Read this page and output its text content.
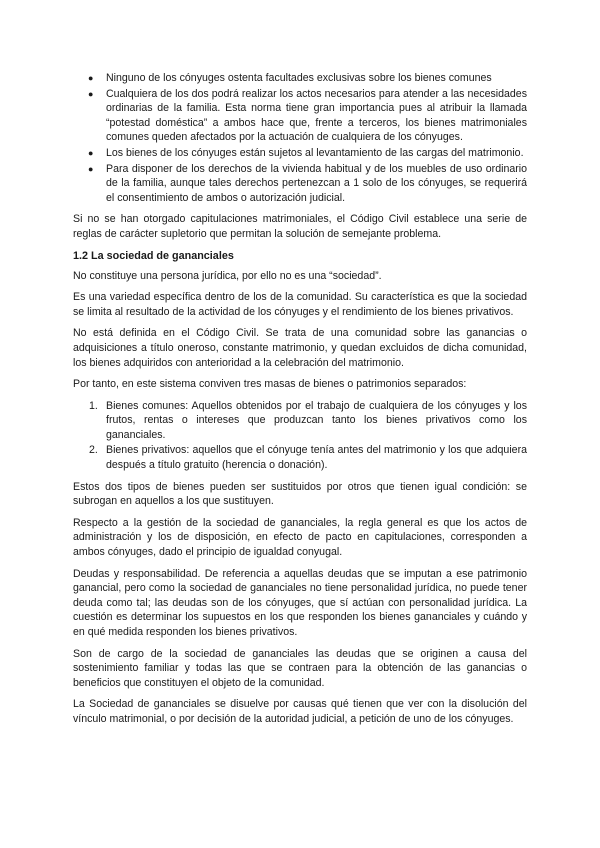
● Ninguno de los cónyuges ostenta facultades exclusivas sobre los bienes comunes
● Cualquiera de los dos podrá realizar los actos necesarios para atender a las necesidades ordinarias de la familia. Esta norma tiene gran importancia pues al atribuir la llamada “potestad doméstica” a ambos hace que, frente a terceros, los bienes matrimoniales comunes queden afectados por la actuación de cualquiera de los cónyuges.
● Los bienes de los cónyuges están sujetos al levantamiento de las cargas del matrimonio.
● Para disponer de los derechos de la vivienda habitual y de los muebles de uso ordinario de la familia, aunque tales derechos pertenezcan a 1 solo de los cónyuges, se requerirá el consentimiento de ambos o autorización judicial.

Si no se han otorgado capitulaciones matrimoniales, el Código Civil establece una serie de reglas de carácter supletorio que permitan la solución de semejante problema.

1.2 La sociedad de gananciales

No constituye una persona jurídica, por ello no es una “sociedad”.

Es una variedad específica dentro de los de la comunidad. Su característica es que la sociedad se limita al resultado de la actividad de los cónyuges y el rendimiento de los bienes privativos.

No está definida en el Código Civil. Se trata de una comunidad sobre las ganancias o adquisiciones a título oneroso, constante matrimonio, y quedan excluidos de dicha comunidad, los bienes adquiridos con anterioridad a la celebración del matrimonio.

Por tanto, en este sistema conviven tres masas de bienes o patrimonios separados:

1. Bienes comunes: Aquellos obtenidos por el trabajo de cualquiera de los cónyuges y los frutos, rentas o intereses que produzcan tanto los bienes privativos como los gananciales.
2. Bienes privativos: aquellos que el cónyuge tenía antes del matrimonio y los que adquiera después a título gratuito (herencia o donación).

Estos dos tipos de bienes pueden ser sustituidos por otros que tienen igual condición: se subrogan en aquellos a los que sustituyen.

Respecto a la gestión de la sociedad de gananciales, la regla general es que los actos de administración y los de disposición, en efecto de pacto en capitulaciones, corresponden a ambos cónyuges, dado el principio de igualdad conyugal.

Deudas y responsabilidad. De referencia a aquellas deudas que se imputan a ese patrimonio ganancial, pero como la sociedad de gananciales no tiene personalidad jurídica, no puede tener deuda como tal; las deudas son de los cónyuges, que sí actúan con personalidad jurídica. La cuestión es determinar los supuestos en los que responden los bienes gananciales y cuándo y en qué medida responden los bienes privativos.

Son de cargo de la sociedad de gananciales las deudas que se originen a causa del sostenimiento familiar y todas las que se contraen para la obtención de las ganancias o beneficios que constituyen el objeto de la comunidad.

La Sociedad de gananciales se disuelve por causas qué tienen que ver con la disolución del vínculo matrimonial, o por decisión de la autoridad judicial, a petición de uno de los cónyuges.
